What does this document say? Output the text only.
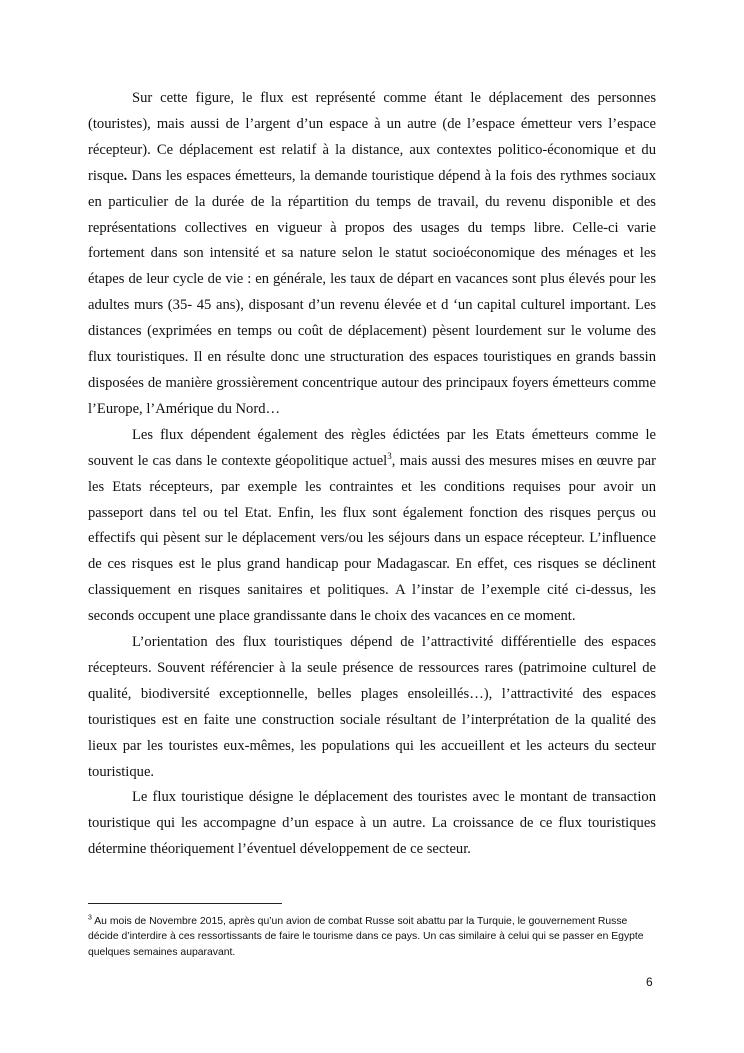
Sur cette figure, le flux est représenté comme étant le déplacement des personnes (touristes), mais aussi de l’argent d’un espace à un autre (de l’espace émetteur vers l’espace récepteur). Ce déplacement est relatif à la distance, aux contextes politico-économique et du risque. Dans les espaces émetteurs, la demande touristique dépend à la fois des rythmes sociaux en particulier de la durée de la répartition du temps de travail, du revenu disponible et des représentations collectives en vigueur à propos des usages du temps libre. Celle-ci varie fortement dans son intensité et sa nature selon le statut socioéconomique des ménages et les étapes de leur cycle de vie : en générale, les taux de départ en vacances sont plus élevés pour les adultes murs (35- 45 ans), disposant d’un revenu élevée et d ‘un capital culturel important. Les distances (exprimées en temps ou coût de déplacement) pèsent lourdement sur le volume des flux touristiques. Il en résulte donc une structuration des espaces touristiques en grands bassin disposées de manière grossièrement concentrique autour des principaux foyers émetteurs comme l’Europe, l’Amérique du Nord…

Les flux dépendent également des règles édictées par les Etats émetteurs comme le souvent le cas dans le contexte géopolitique actuel$^3$, mais aussi des mesures mises en œuvre par les Etats récepteurs, par exemple les contraintes et les conditions requises pour avoir un passeport dans tel ou tel Etat. Enfin, les flux sont également fonction des risques perçus ou effectifs qui pèsent sur le déplacement vers/ou les séjours dans un espace récepteur. L’influence de ces risques est le plus grand handicap pour Madagascar. En effet, ces risques se déclinent classiquement en risques sanitaires et politiques. A l’instar de l’exemple cité ci-dessus, les seconds occupent une place grandissante dans le choix des vacances en ce moment.

L’orientation des flux touristiques dépend de l’attractivité différentielle des espaces récepteurs. Souvent référencier à la seule présence de ressources rares (patrimoine culturel de qualité, biodiversité exceptionnelle, belles plages ensoleillés…), l’attractivité des espaces touristiques est en faite une construction sociale résultant de l’interprétation de la qualité des lieux par les touristes eux-mêmes, les populations qui les accueillent et les acteurs du secteur touristique.

Le flux touristique désigne le déplacement des touristes avec le montant de transaction touristique qui les accompagne d’un espace à un autre. La croissance de ce flux touristiques détermine théoriquement l’éventuel développement de ce secteur.

$^3$ Au mois de Novembre 2015, après qu’un avion de combat Russe soit abattu par la Turquie, le gouvernement Russe décide d’interdire à ces ressortissants de faire le tourisme dans ce pays. Un cas similaire à celui qui se passer en Egypte quelques semaines auparavant.
6
